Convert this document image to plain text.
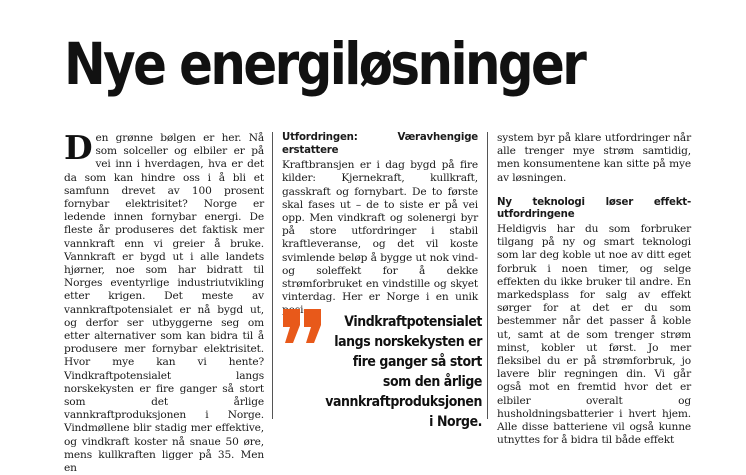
Nye energiløsninger

Den grønne bølgen er her. Nå som solceller og elbiler er på vei inn i hverdagen, hva er det da som kan hindre oss i å bli et samfunn drevet av 100 prosent fornybar elektrisitet? Norge er ledende innen fornybar energi. De fleste år produseres det faktisk mer vannkraft enn vi greier å bruke. Vannkraft er bygd ut i alle landets hjørner, noe som har bidratt til Norges eventyrlige industriutvikling etter krigen. Det meste av vannkraftpotensialet er nå bygd ut, og derfor ser utbyggerne seg om etter alternativer som kan bidra til å produsere mer fornybar elektrisitet. Hvor mye kan vi hente? Vindkraftpotensialet langs norskekysten er fire ganger så stort som det årlige vannkraftproduksjonen i Norge. Vindmøllene blir stadig mer effektive, og vindkraft koster nå snaue 50 øre, mens kullkraften ligger på 35. Men en

Utfordringen: Væravhengige erstattere

Kraftbransjen er i dag bygd på fire kilder: Kjernekraft, kullkraft, gasskraft og fornybart. De to første skal fases ut – de to siste er på vei opp. Men vindkraft og solenergi byr på store utfordringer i stabil kraftleveranse, og det vil koste svimlende beløp å bygge ut nok vind- og soleffekt for å dekke strømforbruket en vindstille og skyet vinterdag. Her er Norge i en unik

Vindkraftpotensialet langs norskekysten er fire ganger så stort som den årlige vannkraftproduksjonen i Norge.

system byr på klare utfordringer når alle trenger mye strøm samtidig, men konsumentene kan sitte på mye av løsningen.

Ny teknologi løser effekt-utfordringene

Heldigvis har du som forbruker tilgang på ny og smart teknologi som lar deg koble ut noe av ditt eget forbruk i noen timer, og selge effekten du ikke bruker til andre. En markedsplass for salg av effekt sørger for at det er du som bestemmer når det passer å koble ut, samt at de som trenger strøm minst, kobler ut først. Jo mer fleksibel du er på strømforbruk, jo lavere blir regningen din. Vi går også mot en fremtid hvor det er elbiler overalt og husholdningsbatterier i hvert hjem. Alle disse batteriene vil også kunne utnyttes for å bidra til både effekt
